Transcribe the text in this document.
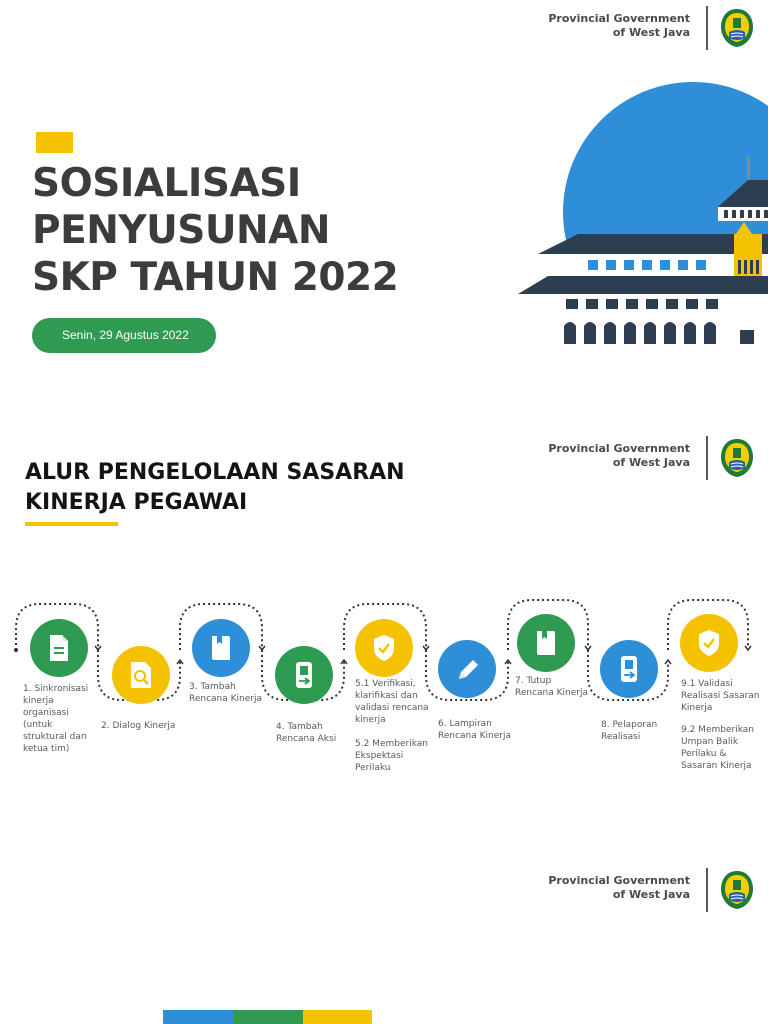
Provincial Government
of West Java
Provincial Government
of West Java
Provincial Government
of West Java
SOSIALISASI
PENYUSUNAN
SKP TAHUN 2022
Senin, 29 Agustus 2022
ALUR PENGELOLAAN SASARAN
KINERJA PEGAWAI
1. Sinkronisasi
kinerja
organisasi
(untuk
struktural dan
ketua tim)
2. Dialog Kinerja
3. Tambah
Rencana Kinerja
4. Tambah
Rencana Aksi
5.1 Verifikasi,
klarifikasi dan
validasi rencana
kinerja
5.2 Memberikan
Ekspektasi
Perilaku
6. Lampiran
Rencana Kinerja
7. Tutup
Rencana Kinerja
8. Pelaporan
Realisasi
9.1 Validasi
Realisasi Sasaran
Kinerja
9.2 Memberikan
Umpan Balik
Perilaku &
Sasaran Kinerja
